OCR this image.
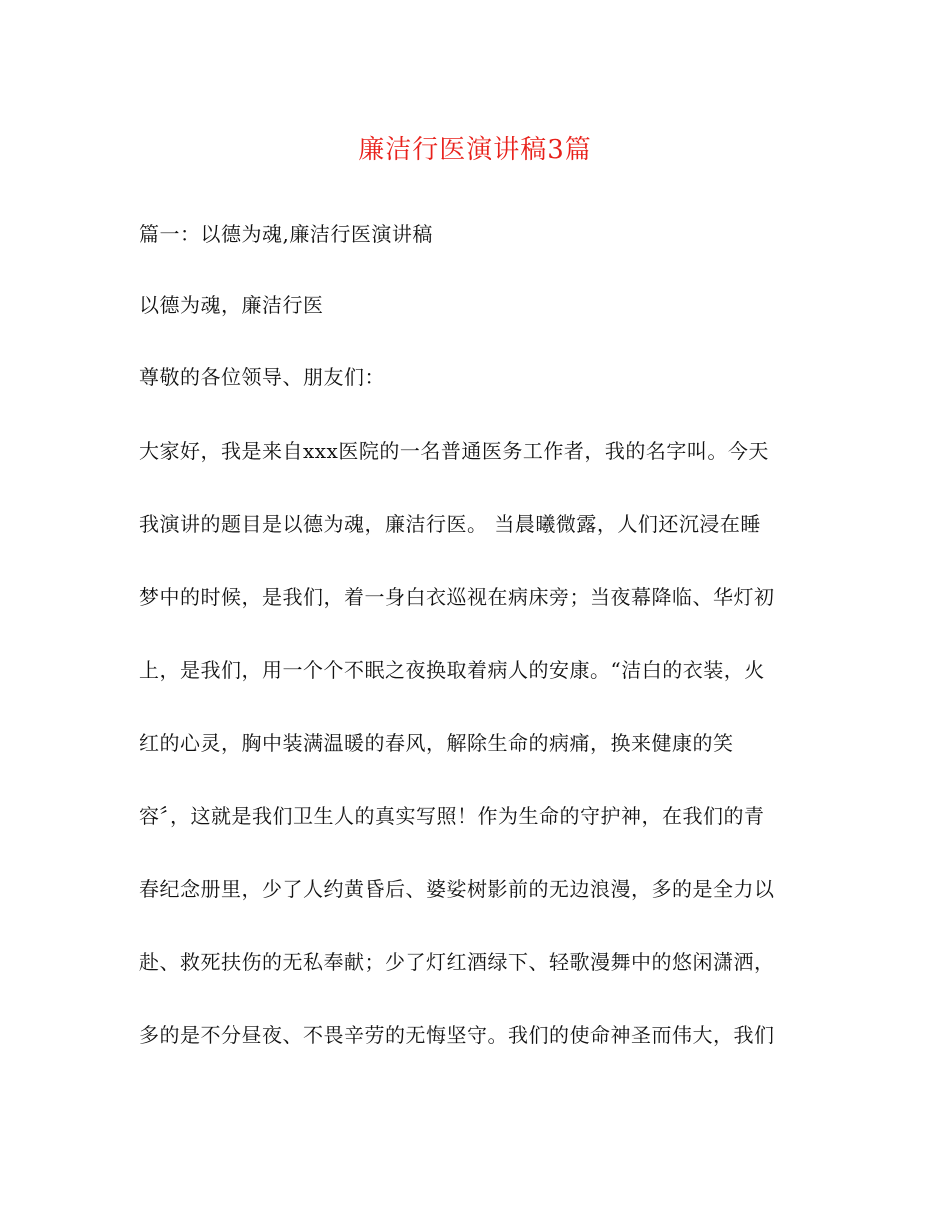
廉洁行医演讲稿3篇
篇一：以德为魂,廉洁行医演讲稿
以德为魂，廉洁行医
尊敬的各位领导、朋友们：
大家好，我是来自xxx医院的一名普通医务工作者，我的名字叫。今天
我演讲的题目是以德为魂，廉洁行医。 当晨曦微露，人们还沉浸在睡
梦中的时候，是我们，着一身白衣巡视在病床旁；当夜幕降临、华灯初
上，是我们，用一个个不眠之夜换取着病人的安康。“洁白的衣装，火
红的心灵，胸中装满温暖的春风，解除生命的病痛，换来健康的笑
容〞，这就是我们卫生人的真实写照！作为生命的守护神，在我们的青
春纪念册里，少了人约黄昏后、婆娑树影前的无边浪漫，多的是全力以
赴、救死扶伤的无私奉献；少了灯红酒绿下、轻歌漫舞中的悠闲潇洒，
多的是不分昼夜、不畏辛劳的无悔坚守。我们的使命神圣而伟大，我们
